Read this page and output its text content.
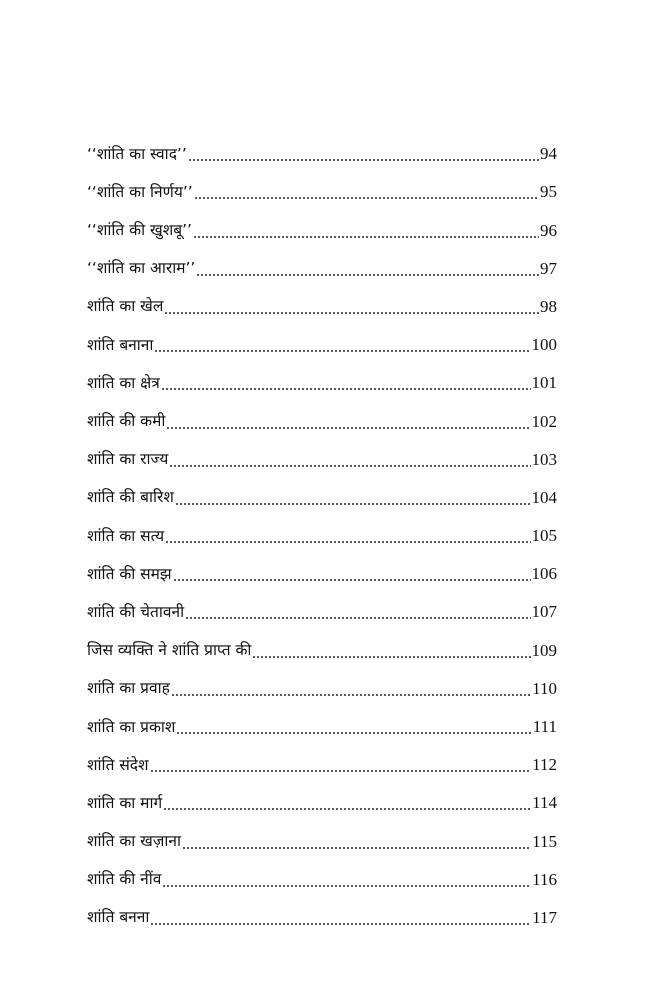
‘‘शांति का स्वाद’’	94
‘‘शांति का निर्णय’’	95
‘‘शांति की खुशबू’’	96
‘‘शांति का आराम’’	97
शांति का खेल	98
शांति बनाना	100
शांति का क्षेत्र	101
शांति की कमी	102
शांति का राज्य	103
शांति की बारिश	104
शांति का सत्य	105
शांति की समझ	106
शांति की चेतावनी	107
जिस व्यक्ति ने शांति प्राप्त की	109
शांति का प्रवाह	110
शांति का प्रकाश	111
शांति संदेश	112
शांति का मार्ग	114
शांति का खज़ाना	115
शांति की नींव	116
शांति बनना	117
